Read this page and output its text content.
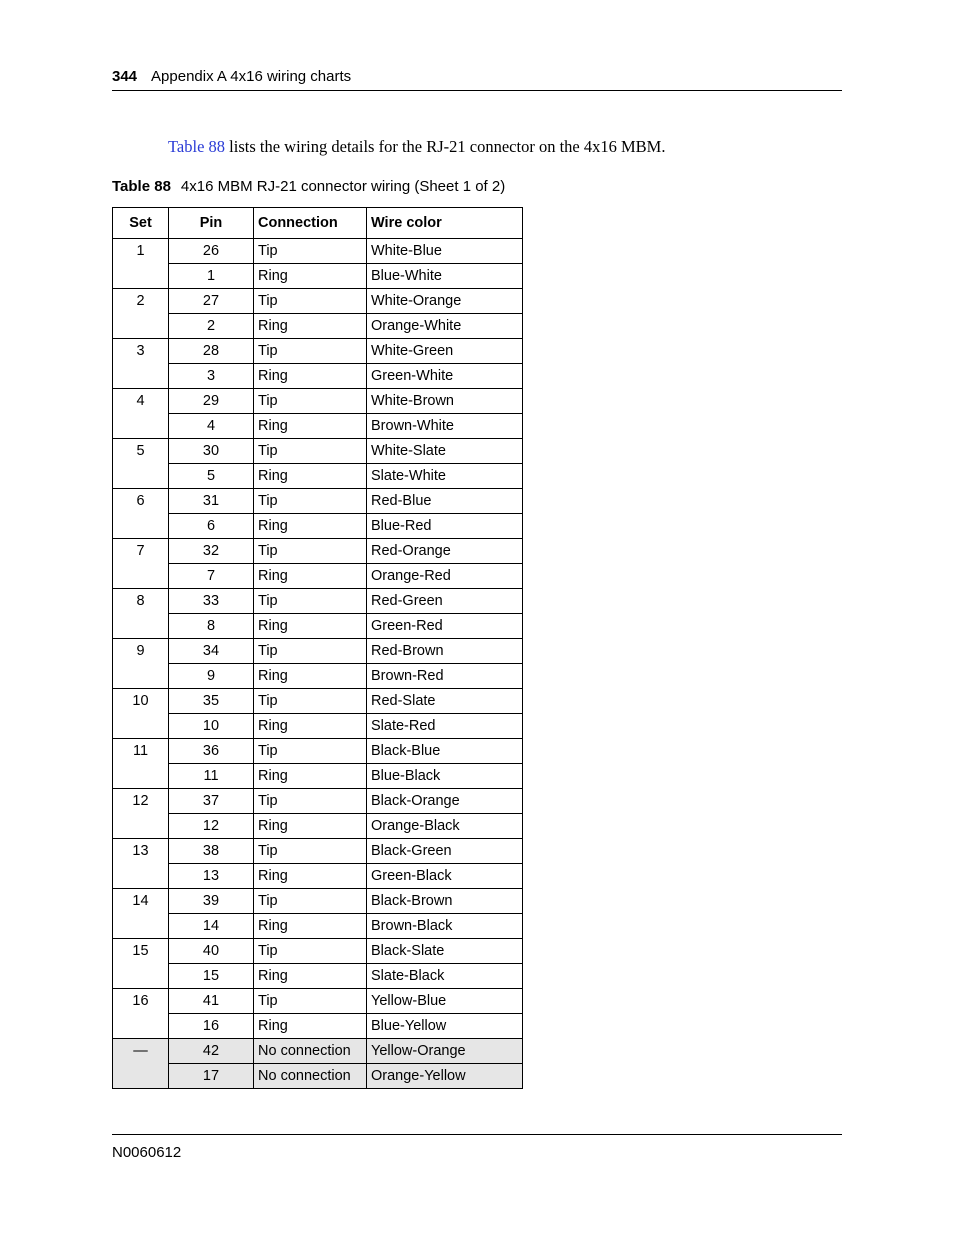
344 Appendix A 4x16 wiring charts
Table 88 lists the wiring details for the RJ-21 connector on the 4x16 MBM.
Table 88 4x16 MBM RJ-21 connector wiring (Sheet 1 of 2)
Set	Pin	Connection	Wire color
1	26	Tip	White-Blue
	1	Ring	Blue-White
2	27	Tip	White-Orange
	2	Ring	Orange-White
3	28	Tip	White-Green
	3	Ring	Green-White
4	29	Tip	White-Brown
	4	Ring	Brown-White
5	30	Tip	White-Slate
	5	Ring	Slate-White
6	31	Tip	Red-Blue
	6	Ring	Blue-Red
7	32	Tip	Red-Orange
	7	Ring	Orange-Red
8	33	Tip	Red-Green
	8	Ring	Green-Red
9	34	Tip	Red-Brown
	9	Ring	Brown-Red
10	35	Tip	Red-Slate
	10	Ring	Slate-Red
11	36	Tip	Black-Blue
	11	Ring	Blue-Black
12	37	Tip	Black-Orange
	12	Ring	Orange-Black
13	38	Tip	Black-Green
	13	Ring	Green-Black
14	39	Tip	Black-Brown
	14	Ring	Brown-Black
15	40	Tip	Black-Slate
	15	Ring	Slate-Black
16	41	Tip	Yellow-Blue
	16	Ring	Blue-Yellow
—	42	No connection	Yellow-Orange
	17	No connection	Orange-Yellow
N0060612
